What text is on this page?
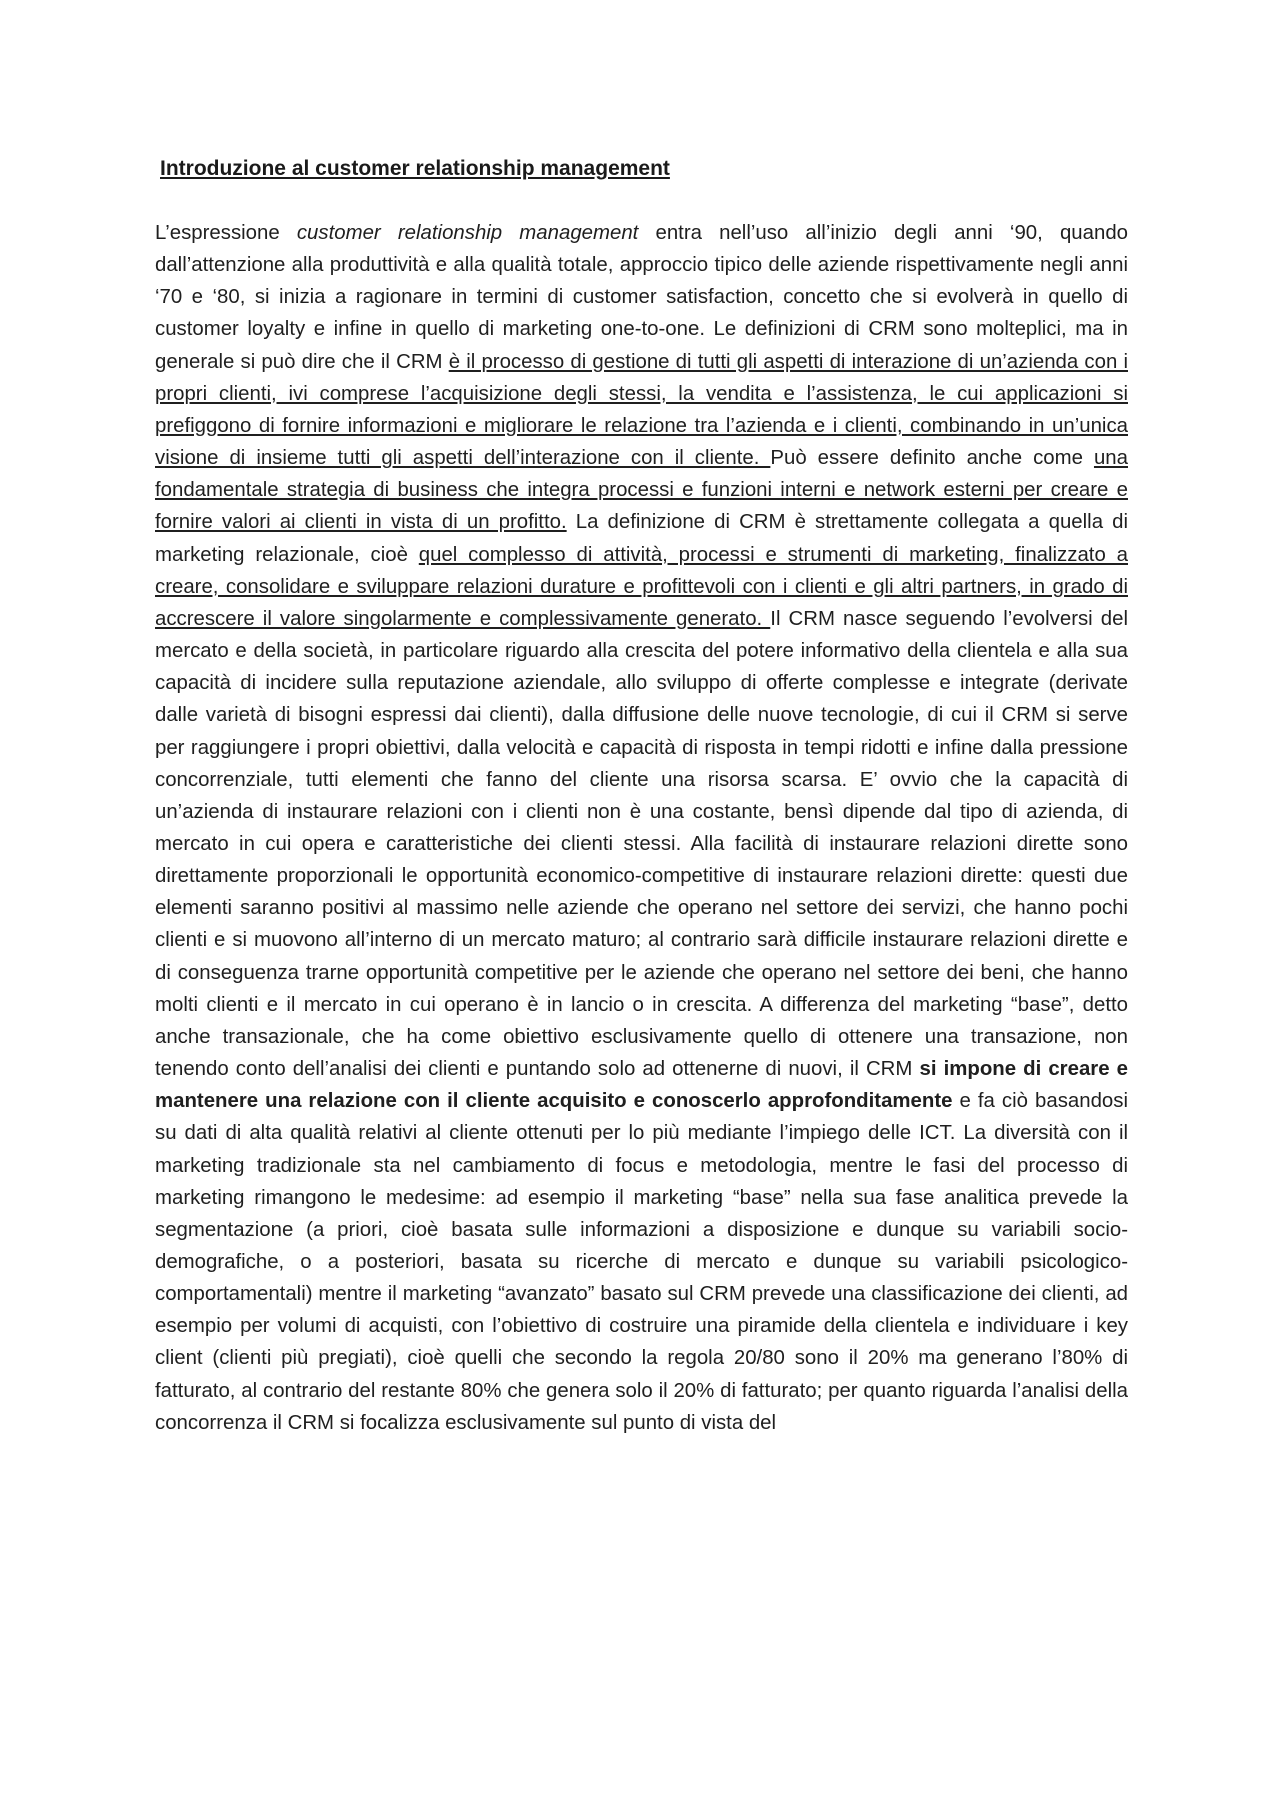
Introduzione al customer relationship management

L’espressione customer relationship management entra nell’uso all’inizio degli anni ‘90, quando dall’attenzione alla produttività e alla qualità totale, approccio tipico delle aziende rispettivamente negli anni ‘70 e ‘80, si inizia a ragionare in termini di customer satisfaction, concetto che si evolverà in quello di customer loyalty e infine in quello di marketing one-to-one. Le definizioni di CRM sono molteplici, ma in generale si può dire che il CRM è il processo di gestione di tutti gli aspetti di interazione di un’azienda con i propri clienti, ivi comprese l’acquisizione degli stessi, la vendita e l’assistenza, le cui applicazioni si prefiggono di fornire informazioni e migliorare le relazione tra l’azienda e i clienti, combinando in un’unica visione di insieme tutti gli aspetti dell’interazione con il cliente. Può essere definito anche come una fondamentale strategia di business che integra processi e funzioni interni e network esterni per creare e fornire valori ai clienti in vista di un profitto. La definizione di CRM è strettamente collegata a quella di marketing relazionale, cioè quel complesso di attività, processi e strumenti di marketing, finalizzato a creare, consolidare e sviluppare relazioni durature e profittevoli con i clienti e gli altri partners, in grado di accrescere il valore singolarmente e complessivamente generato. Il CRM nasce seguendo l’evolversi del mercato e della società, in particolare riguardo alla crescita del potere informativo della clientela e alla sua capacità di incidere sulla reputazione aziendale, allo sviluppo di offerte complesse e integrate (derivate dalle varietà di bisogni espressi dai clienti), dalla diffusione delle nuove tecnologie, di cui il CRM si serve per raggiungere i propri obiettivi, dalla velocità e capacità di risposta in tempi ridotti e infine dalla pressione concorrenziale, tutti elementi che fanno del cliente una risorsa scarsa. E’ ovvio che la capacità di un’azienda di instaurare relazioni con i clienti non è una costante, bensì dipende dal tipo di azienda, di mercato in cui opera e caratteristiche dei clienti stessi. Alla facilità di instaurare relazioni dirette sono direttamente proporzionali le opportunità economico-competitive di instaurare relazioni dirette: questi due elementi saranno positivi al massimo nelle aziende che operano nel settore dei servizi, che hanno pochi clienti e si muovono all’interno di un mercato maturo; al contrario sarà difficile instaurare relazioni dirette e di conseguenza trarne opportunità competitive per le aziende che operano nel settore dei beni, che hanno molti clienti e il mercato in cui operano è in lancio o in crescita. A differenza del marketing “base”, detto anche transazionale, che ha come obiettivo esclusivamente quello di ottenere una transazione, non tenendo conto dell’analisi dei clienti e puntando solo ad ottenerne di nuovi, il CRM si impone di creare e mantenere una relazione con il cliente acquisito e conoscerlo approfonditamente e fa ciò basandosi su dati di alta qualità relativi al cliente ottenuti per lo più mediante l’impiego delle ICT. La diversità con il marketing tradizionale sta nel cambiamento di focus e metodologia, mentre le fasi del processo di marketing rimangono le medesime: ad esempio il marketing “base” nella sua fase analitica prevede la segmentazione (a priori, cioè basata sulle informazioni a disposizione e dunque su variabili socio-demografiche, o a posteriori, basata su ricerche di mercato e dunque su variabili psicologico-comportamentali) mentre il marketing “avanzato” basato sul CRM prevede una classificazione dei clienti, ad esempio per volumi di acquisti, con l’obiettivo di costruire una piramide della clientela e individuare i key client (clienti più pregiati), cioè quelli che secondo la regola 20/80 sono il 20% ma generano l’80% di fatturato, al contrario del restante 80% che genera solo il 20% di fatturato; per quanto riguarda l’analisi della concorrenza il CRM si focalizza esclusivamente sul punto di vista del
